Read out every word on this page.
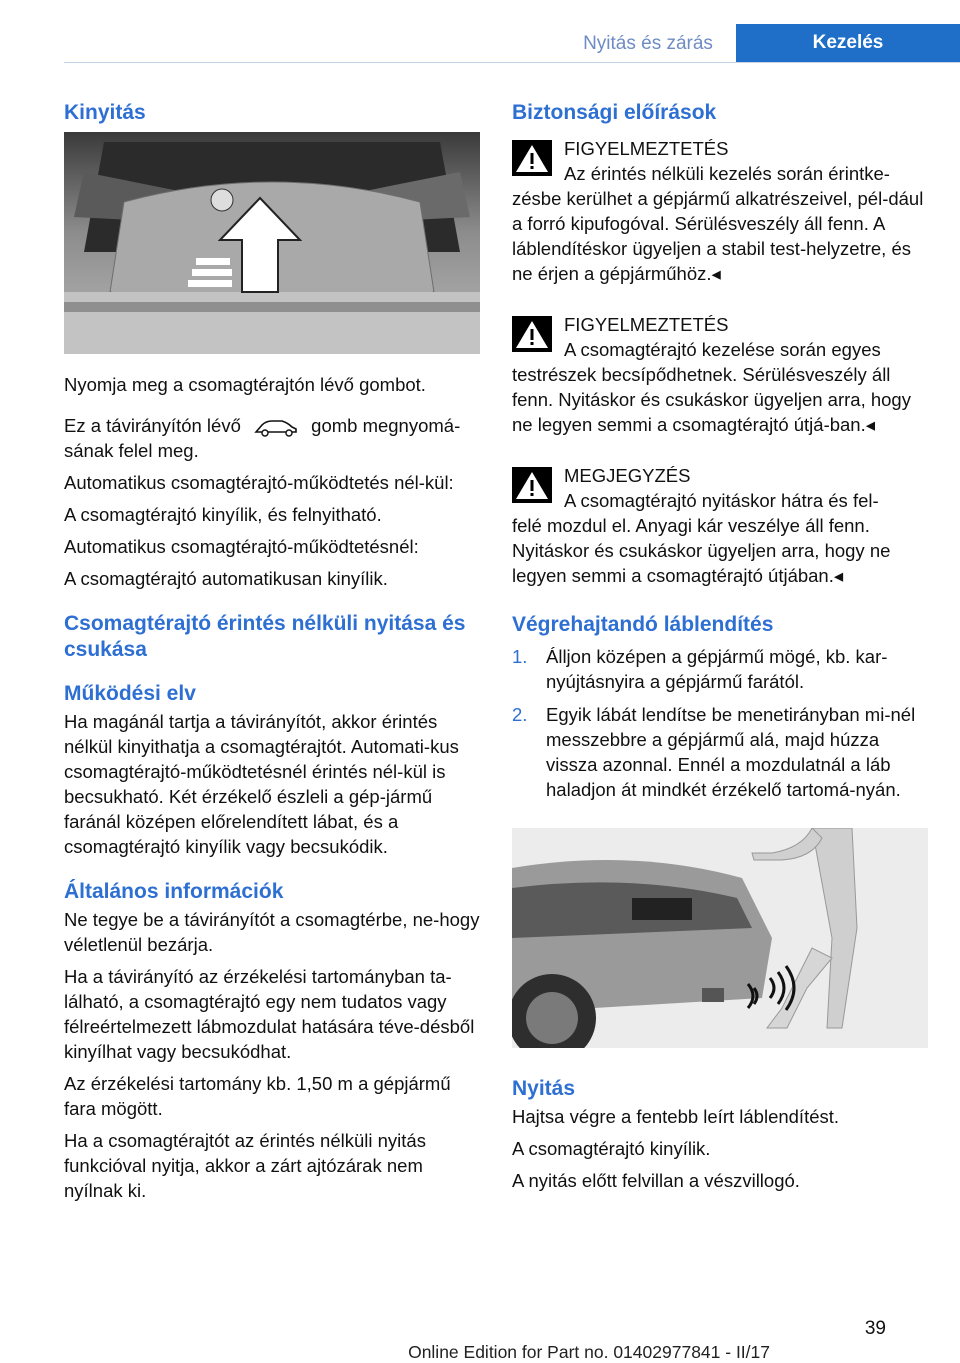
Nyitás és zárás	Kezelés
Kinyitás

Nyomja meg a csomagtérajtón lévő gombot.

Ez a távirányítón lévő	gomb megnyomá-sának felel meg.

Automatikus csomagtérajtó-működtetés nél-kül:

A csomagtérajtó kinyílik, és felnyitható.

Automatikus csomagtérajtó-működtetésnél:

A csomagtérajtó automatikusan kinyílik.

Csomagtérajtó érintés nélküli nyitása és csukása
Működési elv

Ha magánál tartja a távirányítót, akkor érintés nélkül kinyithatja a csomagtérajtót. Automati-kus csomagtérajtó-működtetésnél érintés nél-kül is becsukható. Két érzékelő észleli a gép-jármű faránál középen előrelendített lábat, és a csomagtérajtó kinyílik vagy becsukódik.

Általános információk

Ne tegye be a távirányítót a csomagtérbe, ne-hogy véletlenül bezárja.

Ha a távirányító az érzékelési tartományban ta-lálható, a csomagtérajtó egy nem tudatos vagy félreértelmezett lábmozdulat hatására téve-désből kinyílhat vagy becsukódhat.

Az érzékelési tartomány kb. 1,50 m a gépjármű fara mögött.

Ha a csomagtérajtót az érintés nélküli nyitás funkcióval nyitja, akkor a zárt ajtózárak nem nyílnak ki.

Biztonsági előírások
FIGYELMEZTETÉS
Az érintés nélküli kezelés során érintke-
zésbe kerülhet a gépjármű alkatrészeivel, pél-dául a forró kipufogóval. Sérülésveszély áll fenn. A láblendítéskor ügyeljen a stabil test-helyzetre, és ne érjen a gépjárműhöz.◂
FIGYELMEZTETÉS
A csomagtérajtó kezelése során egyes
testrészek becsípődhetnek. Sérülésveszély áll fenn. Nyitáskor és csukáskor ügyeljen arra, hogy ne legyen semmi a csomagtérajtó útjá-ban.◂
MEGJEGYZÉS
A csomagtérajtó nyitáskor hátra és fel-
felé mozdul el. Anyagi kár veszélye áll fenn. Nyitáskor és csukáskor ügyeljen arra, hogy ne legyen semmi a csomagtérajtó útjában.◂
Végrehajtandó láblendítés
1. Álljon középen a gépjármű mögé, kb. kar-nyújtásnyira a gépjármű farától.
2. Egyik lábát lendítse be menetirányban mi-nél messzebbre a gépjármű alá, majd húzza vissza azonnal. Ennél a mozdulatnál a láb haladjon át mindkét érzékelő tartomá-nyán.
Nyitás

Hajtsa végre a fentebb leírt láblendítést.

A csomagtérajtó kinyílik.

A nyitás előtt felvillan a vészvillogó.

39
Online Edition for Part no. 01402977841 - II/17
